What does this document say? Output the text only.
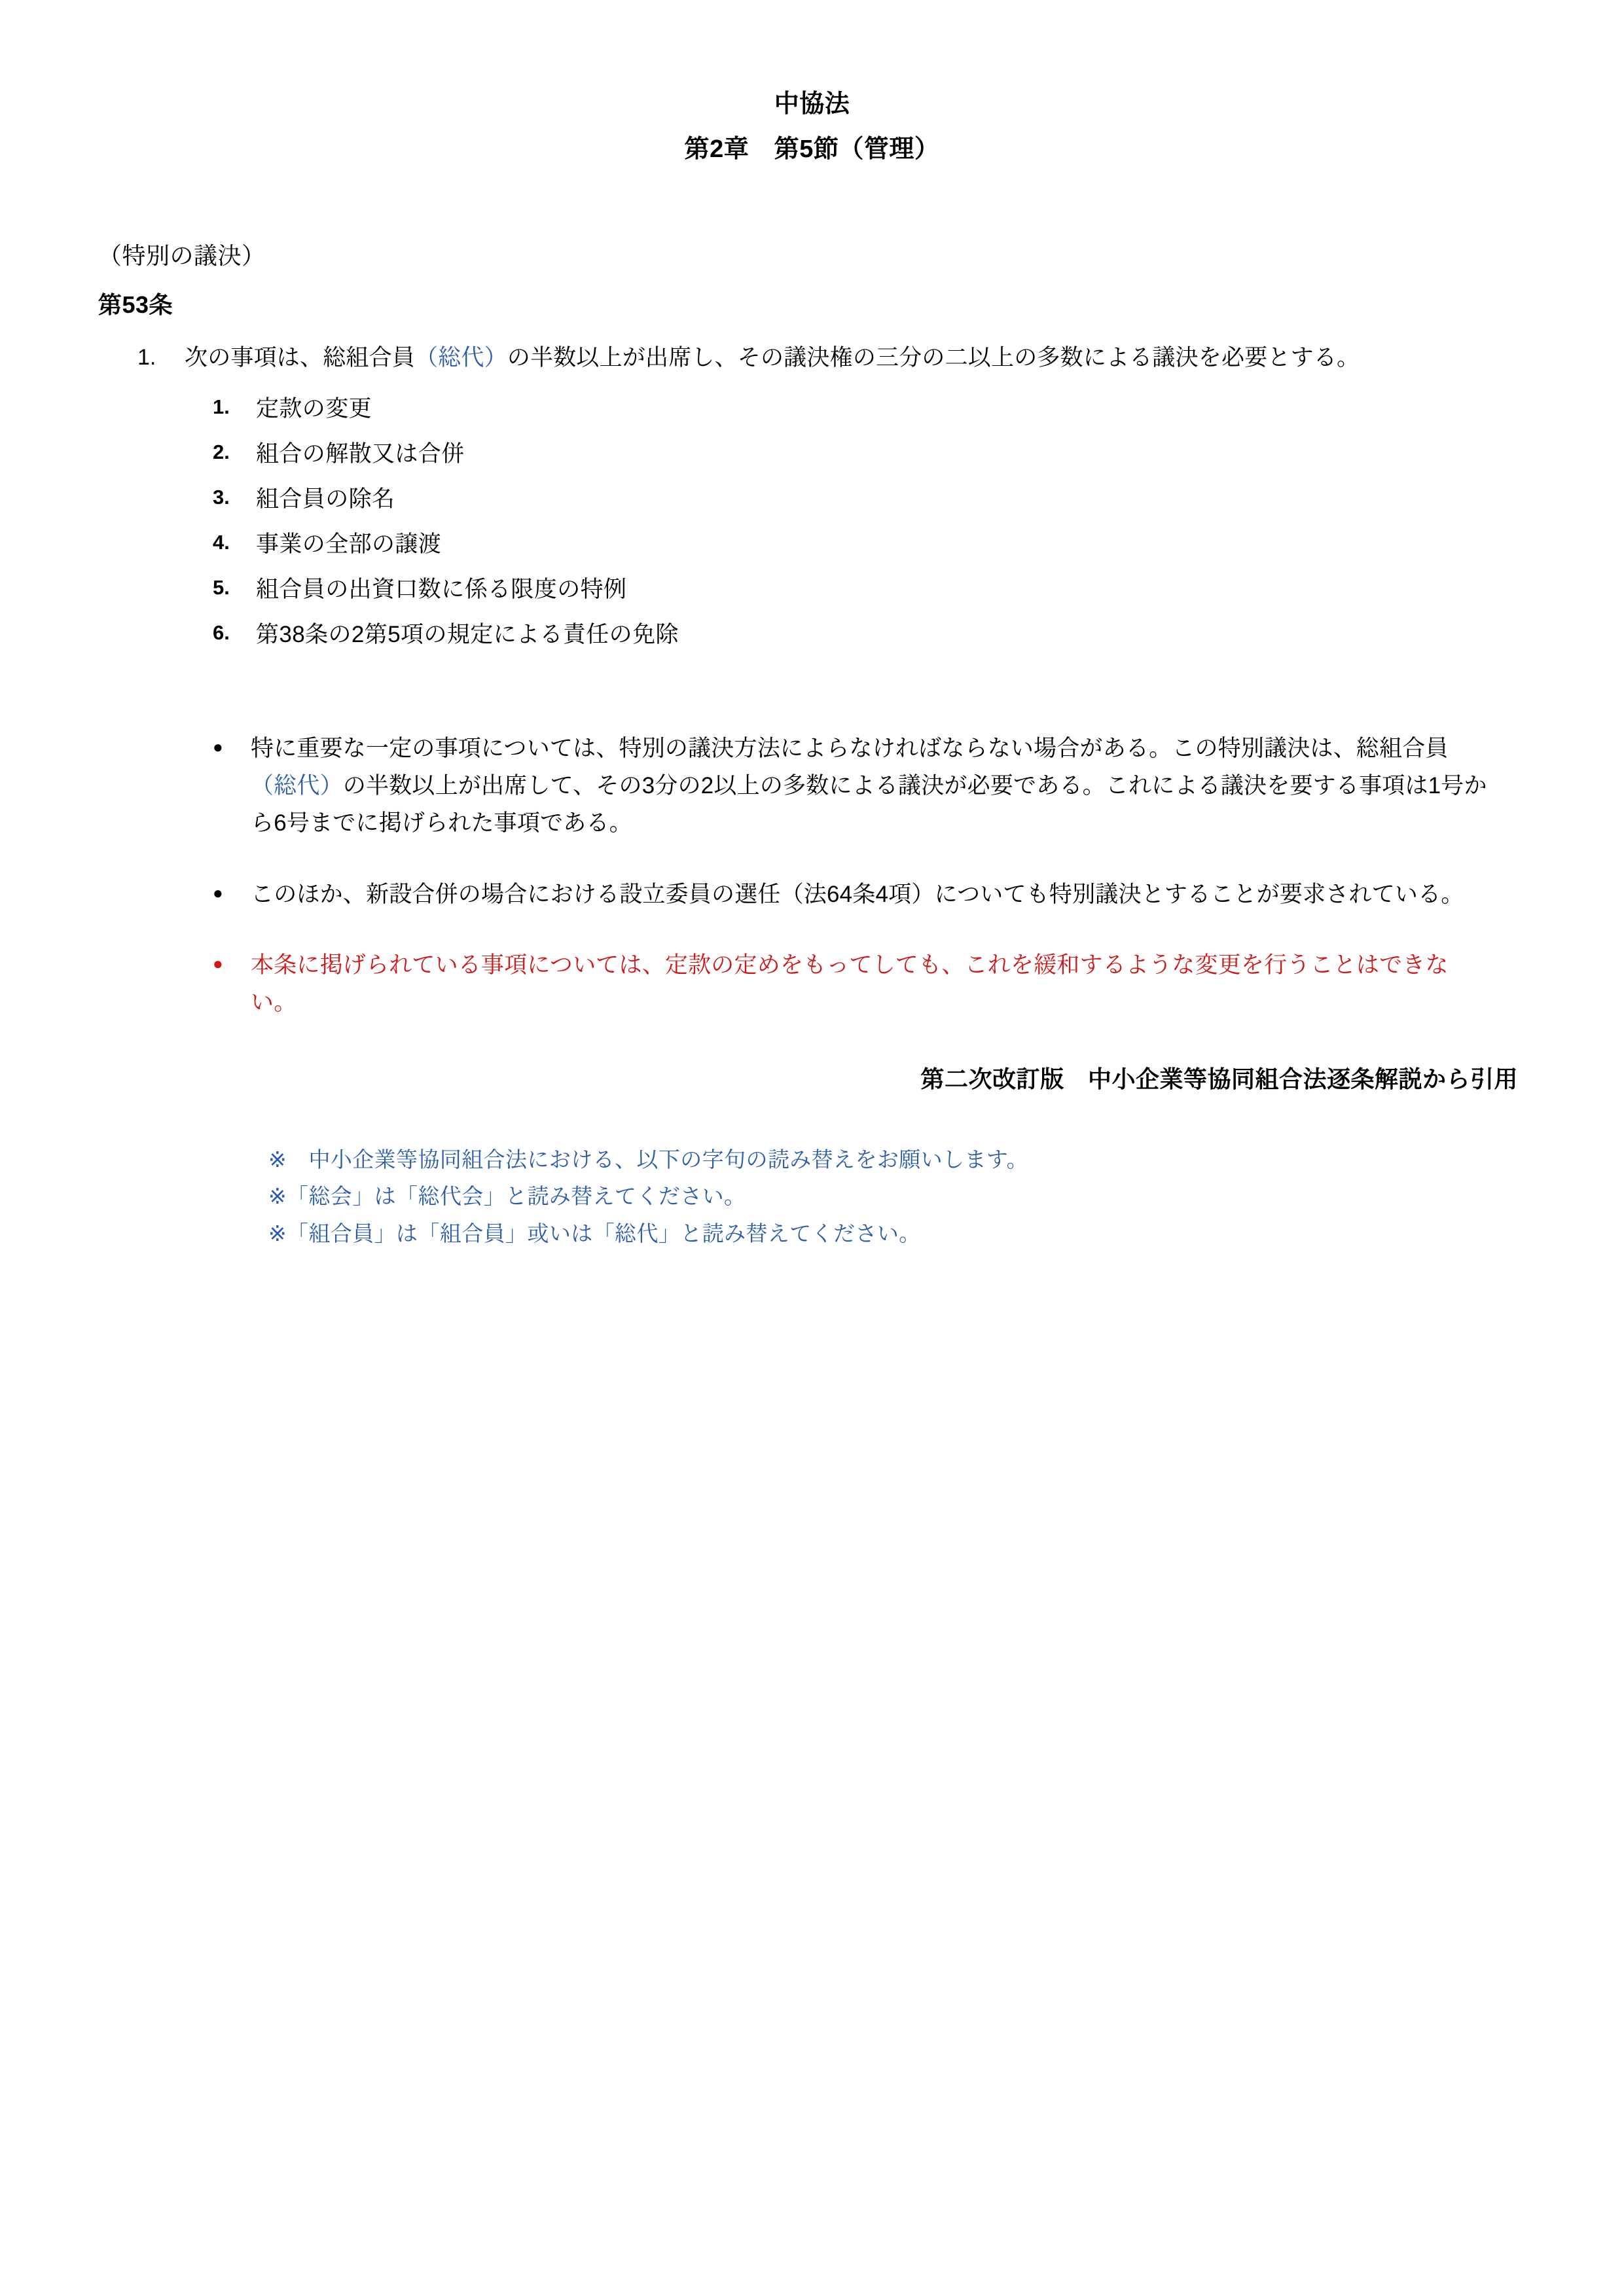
中協法
第2章　第5節（管理）
（特別の議決）
第53条
1.	次の事項は、総組合員（総代）の半数以上が出席し、その議決権の三分の二以上の多数による議決を必要とする。
1.	定款の変更
2.	組合の解散又は合併
3.	組合員の除名
4.	事業の全部の譲渡
5.	組合員の出資口数に係る限度の特例
6.	第38条の2第5項の規定による責任の免除
●	特に重要な一定の事項については、特別の議決方法によらなければならない場合がある。この特別議決は、総組合員（総代）の半数以上が出席して、その3分の2以上の多数による議決が必要である。これによる議決を要する事項は1号から6号までに掲げられた事項である。
●	このほか、新設合併の場合における設立委員の選任（法64条4項）についても特別議決とすることが要求されている。
●	本条に掲げられている事項については、定款の定めをもってしても、これを緩和するような変更を行うことはできない。
第二次改訂版　中小企業等協同組合法逐条解説から引用
※　中小企業等協同組合法における、以下の字句の読み替えをお願いします。
※「総会」は「総代会」と読み替えてください。
※「組合員」は「組合員」或いは「総代」と読み替えてください。
